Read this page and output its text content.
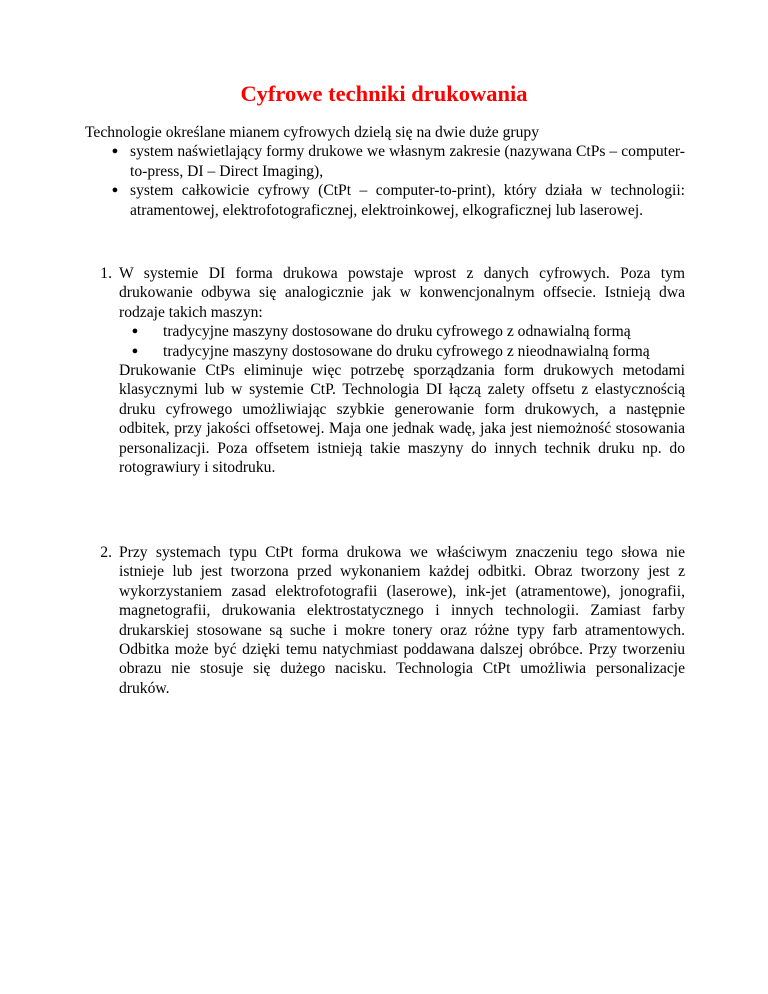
Cyfrowe techniki drukowania

Technologie określane mianem cyfrowych dzielą się na dwie duże grupy

● system naświetlający formy drukowe we własnym zakresie (nazywana CtPs – computer-to-press, DI – Direct Imaging),
● system całkowicie cyfrowy (CtPt – computer-to-print), który działa w technologii: atramentowej, elektrofotograficznej, elektroinkowej, elkograficznej lub laserowej.
1. W systemie DI forma drukowa powstaje wprost z danych cyfrowych. Poza tym drukowanie odbywa się analogicznie jak w konwencjonalnym offsecie. Istnieją dwa rodzaje takich maszyn:

● tradycyjne maszyny dostosowane do druku cyfrowego z odnawialną formą
● tradycyjne maszyny dostosowane do druku cyfrowego z nieodnawialną formą

Drukowanie CtPs eliminuje więc potrzebę sporządzania form drukowych metodami klasycznymi lub w systemie CtP. Technologia DI łączą zalety offsetu z elastycznością druku cyfrowego umożliwiając szybkie generowanie form drukowych, a następnie odbitek, przy jakości offsetowej. Maja one jednak wadę, jaka jest niemożność stosowania personalizacji. Poza offsetem istnieją takie maszyny do innych technik druku np. do rotograwiury i sitodruku.

2. Przy systemach typu CtPt forma drukowa we właściwym znaczeniu tego słowa nie istnieje lub jest tworzona przed wykonaniem każdej odbitki. Obraz tworzony jest z wykorzystaniem zasad elektrofotografii (laserowe), ink-jet (atramentowe), jonografii, magnetografii, drukowania elektrostatycznego i innych technologii. Zamiast farby drukarskiej stosowane są suche i mokre tonery oraz różne typy farb atramentowych. Odbitka może być dzięki temu natychmiast poddawana dalszej obróbce. Przy tworzeniu obrazu nie stosuje się dużego nacisku. Technologia CtPt umożliwia personalizacje druków.
